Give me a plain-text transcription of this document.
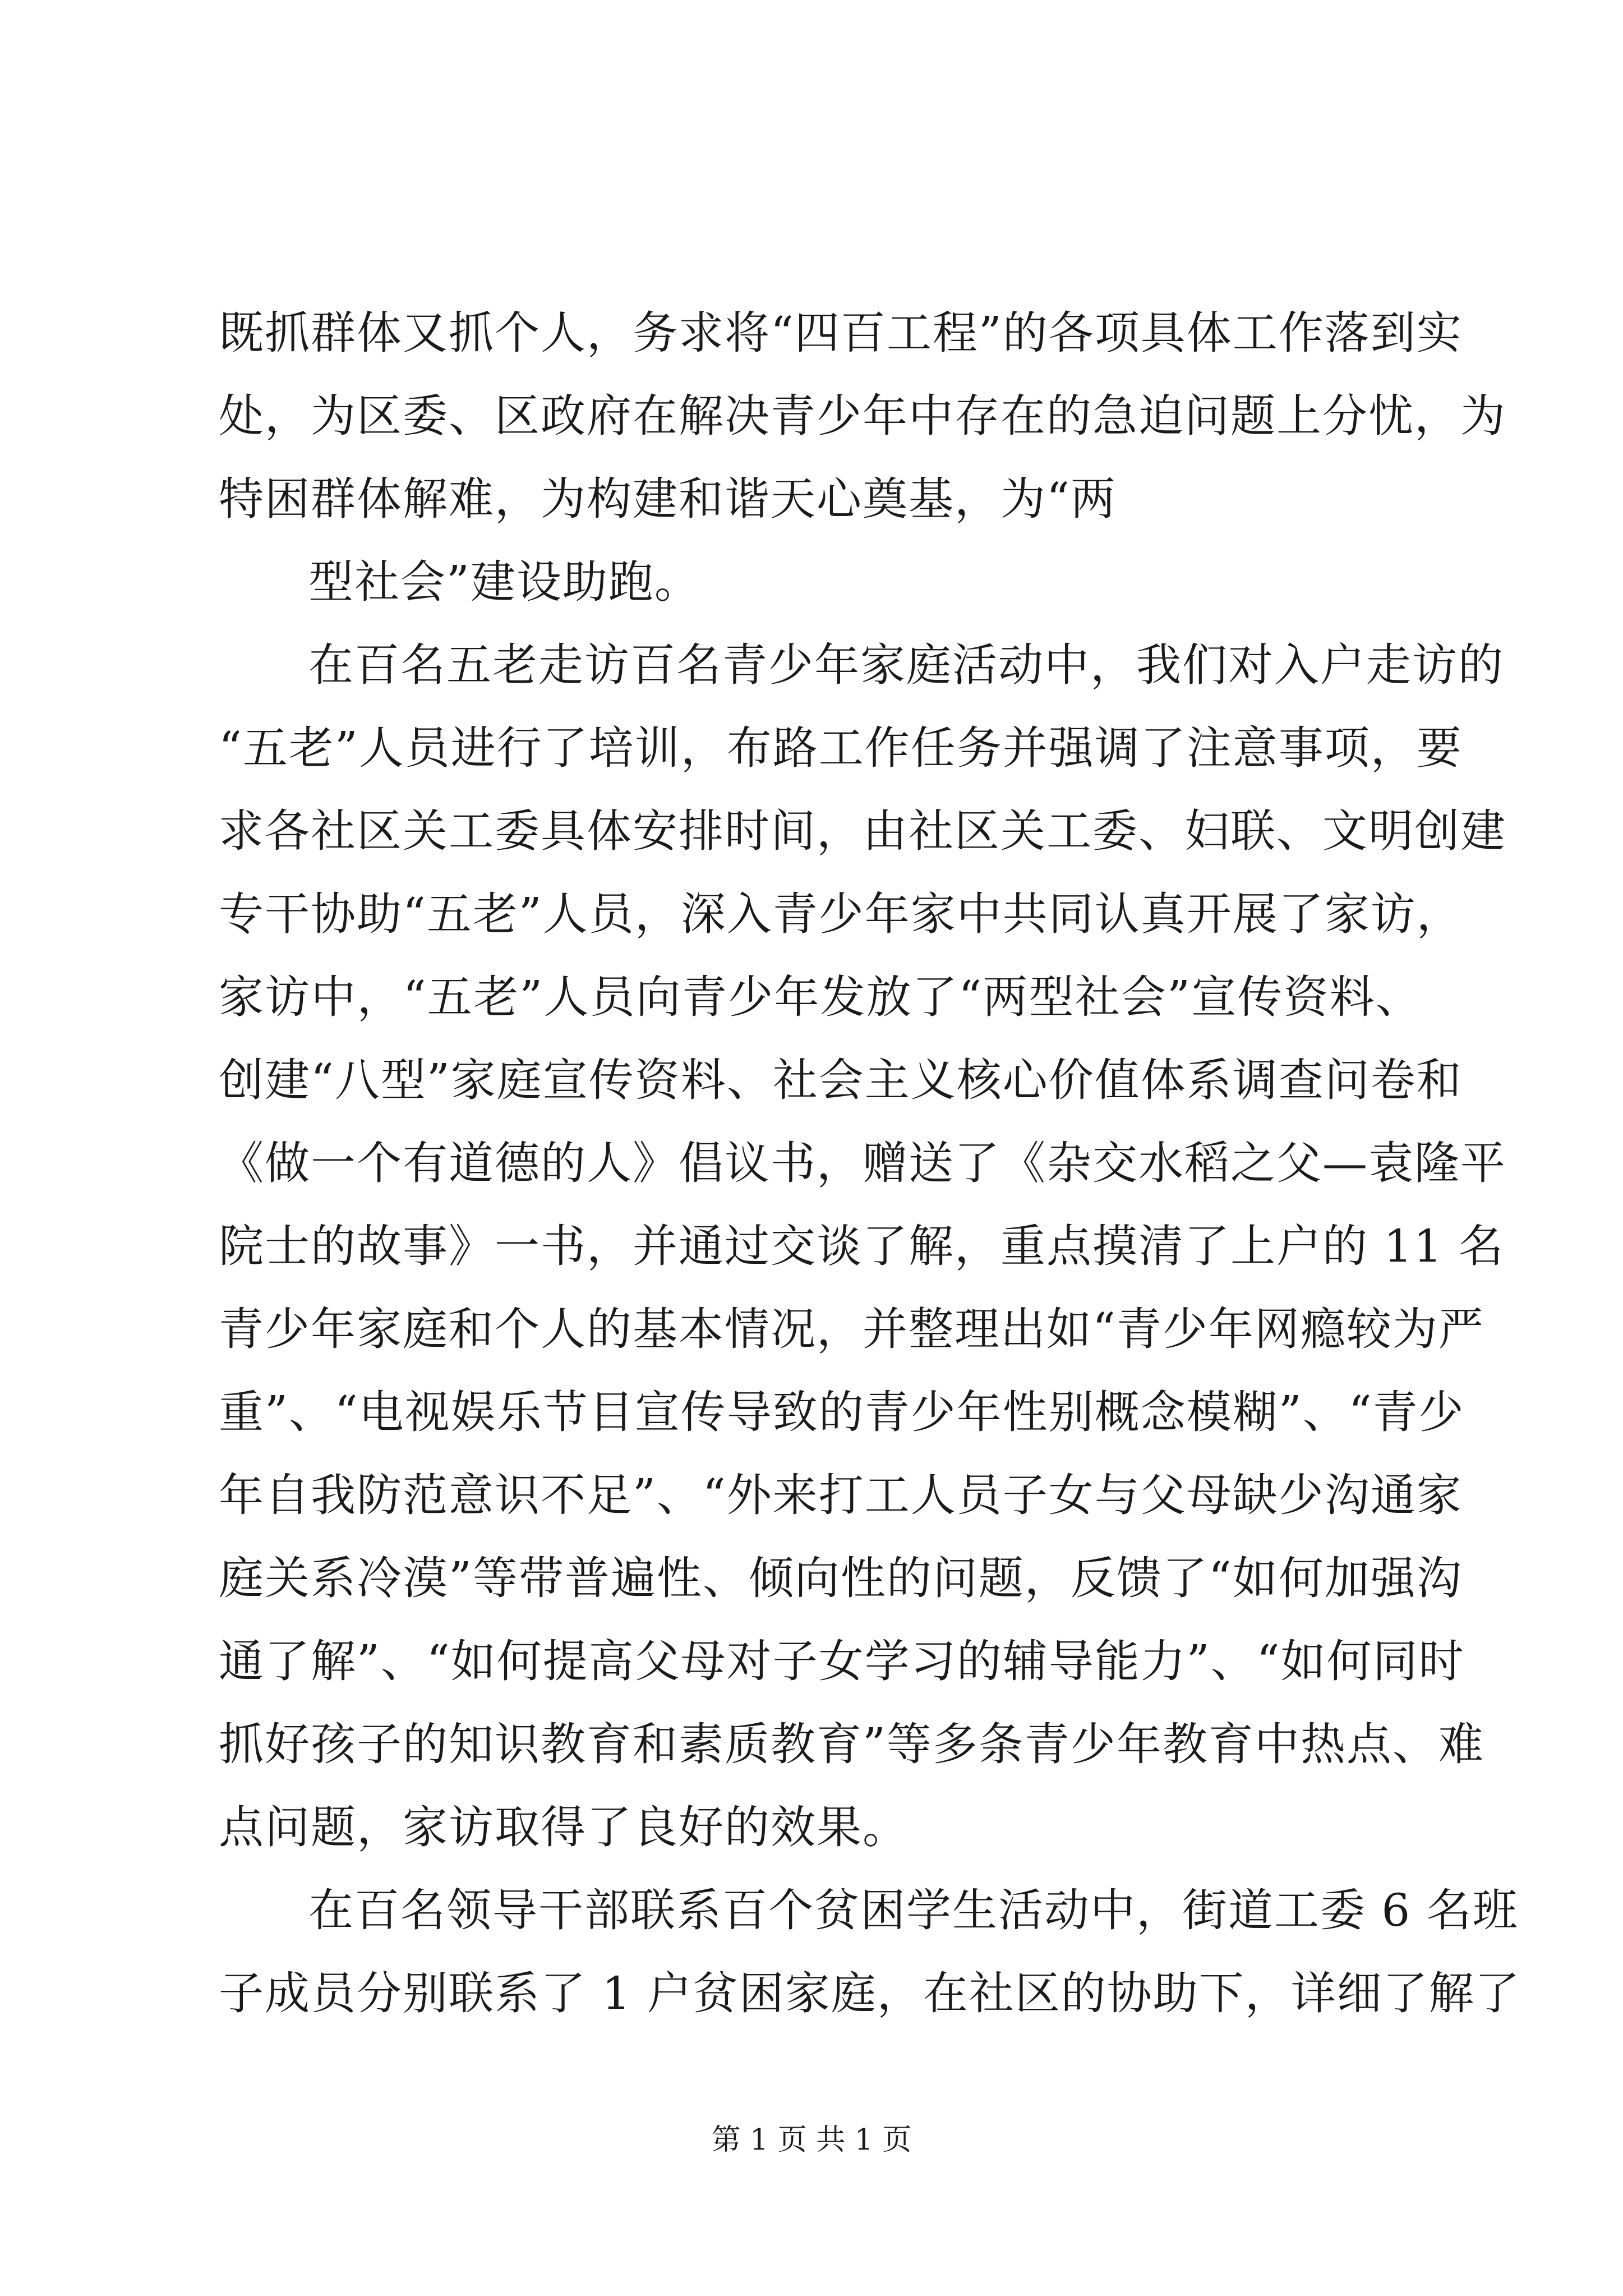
既抓群体又抓个人，务求将“四百工程”的各项具体工作落到实
处，为区委、区政府在解决青少年中存在的急迫问题上分忧，为
特困群体解难，为构建和谐天心奠基，为“两
型社会”建设助跑。
在百名五老走访百名青少年家庭活动中，我们对入户走访的
“五老”人员进行了培训，布路工作任务并强调了注意事项，要
求各社区关工委具体安排时间，由社区关工委、妇联、文明创建
专干协助“五老”人员，深入青少年家中共同认真开展了家访，
家访中，“五老”人员向青少年发放了“两型社会”宣传资料、
创建“八型”家庭宣传资料、社会主义核心价值体系调查问卷和
《做一个有道德的人》倡议书，赠送了《杂交水稻之父—袁隆平
院士的故事》一书，并通过交谈了解，重点摸清了上户的 11 名
青少年家庭和个人的基本情况，并整理出如“青少年网瘾较为严
重”、“电视娱乐节目宣传导致的青少年性别概念模糊”、“青少
年自我防范意识不足”、“外来打工人员子女与父母缺少沟通家
庭关系冷漠”等带普遍性、倾向性的问题，反馈了“如何加强沟
通了解”、“如何提高父母对子女学习的辅导能力”、“如何同时
抓好孩子的知识教育和素质教育”等多条青少年教育中热点、难
点问题，家访取得了良好的效果。
在百名领导干部联系百个贫困学生活动中，街道工委 6 名班
子成员分别联系了 1 户贫困家庭，在社区的协助下，详细了解了
第 1 页 共 1 页
